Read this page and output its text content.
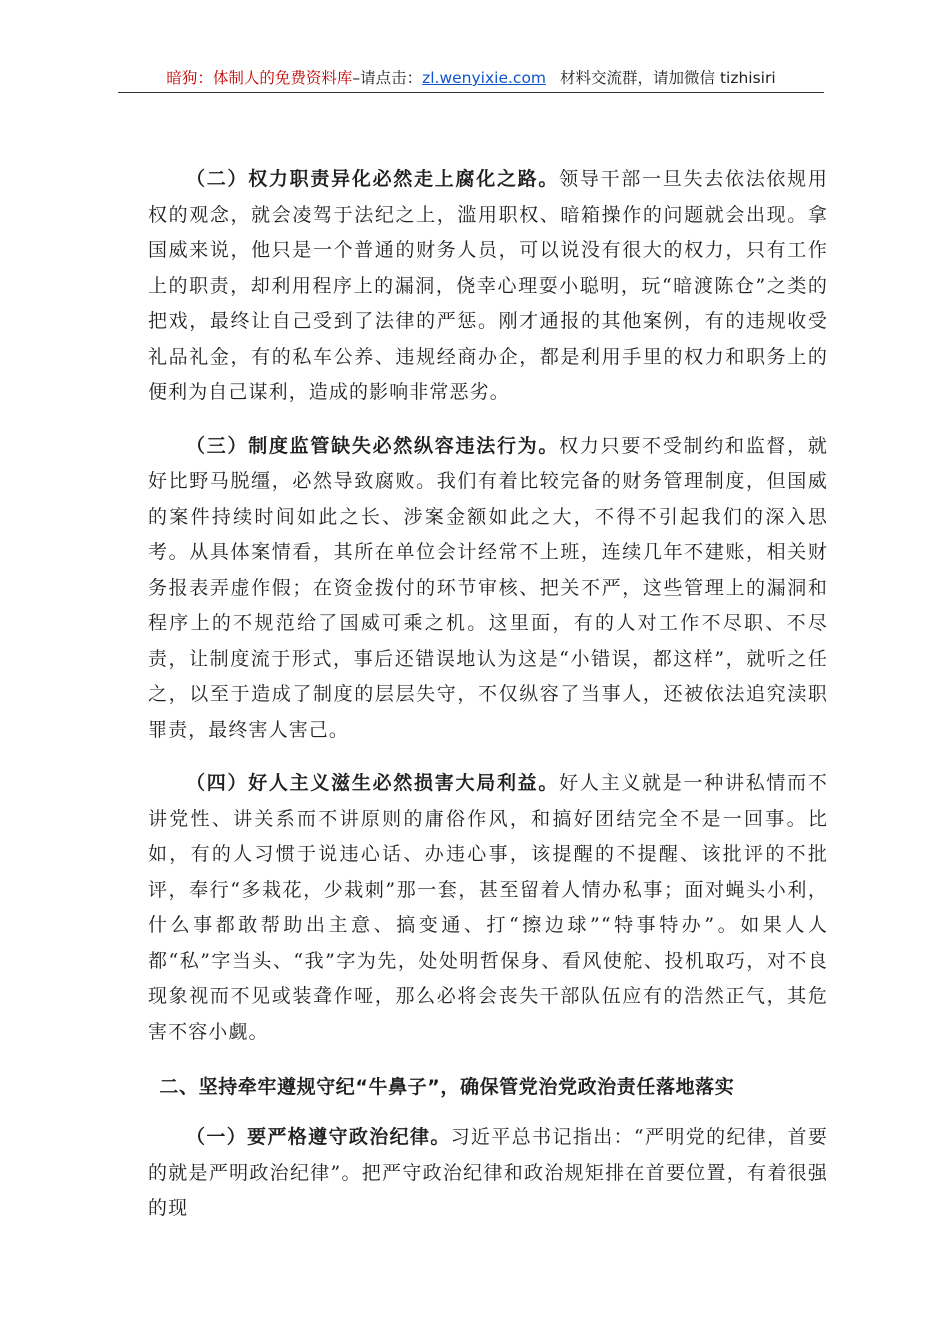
暗狗：体制人的免费资料库–请点击：zl.wenyixie.com 材料交流群，请加微信 tizhisiri

（二）权力职责异化必然走上腐化之路。领导干部一旦失去依法依规用权的观念，就会凌驾于法纪之上，滥用职权、暗箱操作的问题就会出现。拿国威来说，他只是一个普通的财务人员，可以说没有很大的权力，只有工作上的职责，却利用程序上的漏洞，侥幸心理耍小聪明，玩“暗渡陈仓”之类的把戏，最终让自己受到了法律的严惩。刚才通报的其他案例，有的违规收受礼品礼金，有的私车公养、违规经商办企，都是利用手里的权力和职务上的便利为自己谋利，造成的影响非常恶劣。

（三）制度监管缺失必然纵容违法行为。权力只要不受制约和监督，就好比野马脱缰，必然导致腐败。我们有着比较完备的财务管理制度，但国威的案件持续时间如此之长、涉案金额如此之大，不得不引起我们的深入思考。从具体案情看，其所在单位会计经常不上班，连续几年不建账，相关财务报表弄虚作假；在资金拨付的环节审核、把关不严，这些管理上的漏洞和程序上的不规范给了国威可乘之机。这里面，有的人对工作不尽职、不尽责，让制度流于形式，事后还错误地认为这是“小错误，都这样”，就听之任之，以至于造成了制度的层层失守，不仅纵容了当事人，还被依法追究渎职罪责，最终害人害己。

（四）好人主义滋生必然损害大局利益。好人主义就是一种讲私情而不讲党性、讲关系而不讲原则的庸俗作风，和搞好团结完全不是一回事。比如，有的人习惯于说违心话、办违心事，该提醒的不提醒、该批评的不批评，奉行“多栽花，少栽刺”那一套，甚至留着人情办私事；面对蝇头小利，什么事都敢帮助出主意、搞变通、打“擦边球”“特事特办”。如果人人都“私”字当头、“我”字为先，处处明哲保身、看风使舵、投机取巧，对不良现象视而不见或装聋作哑，那么必将会丧失干部队伍应有的浩然正气，其危害不容小觑。

二、坚持牵牢遵规守纪“牛鼻子”，确保管党治党政治责任落地落实

（一）要严格遵守政治纪律。习近平总书记指出：“严明党的纪律，首要的就是严明政治纪律”。把严守政治纪律和政治规矩排在首要位置，有着很强的现
